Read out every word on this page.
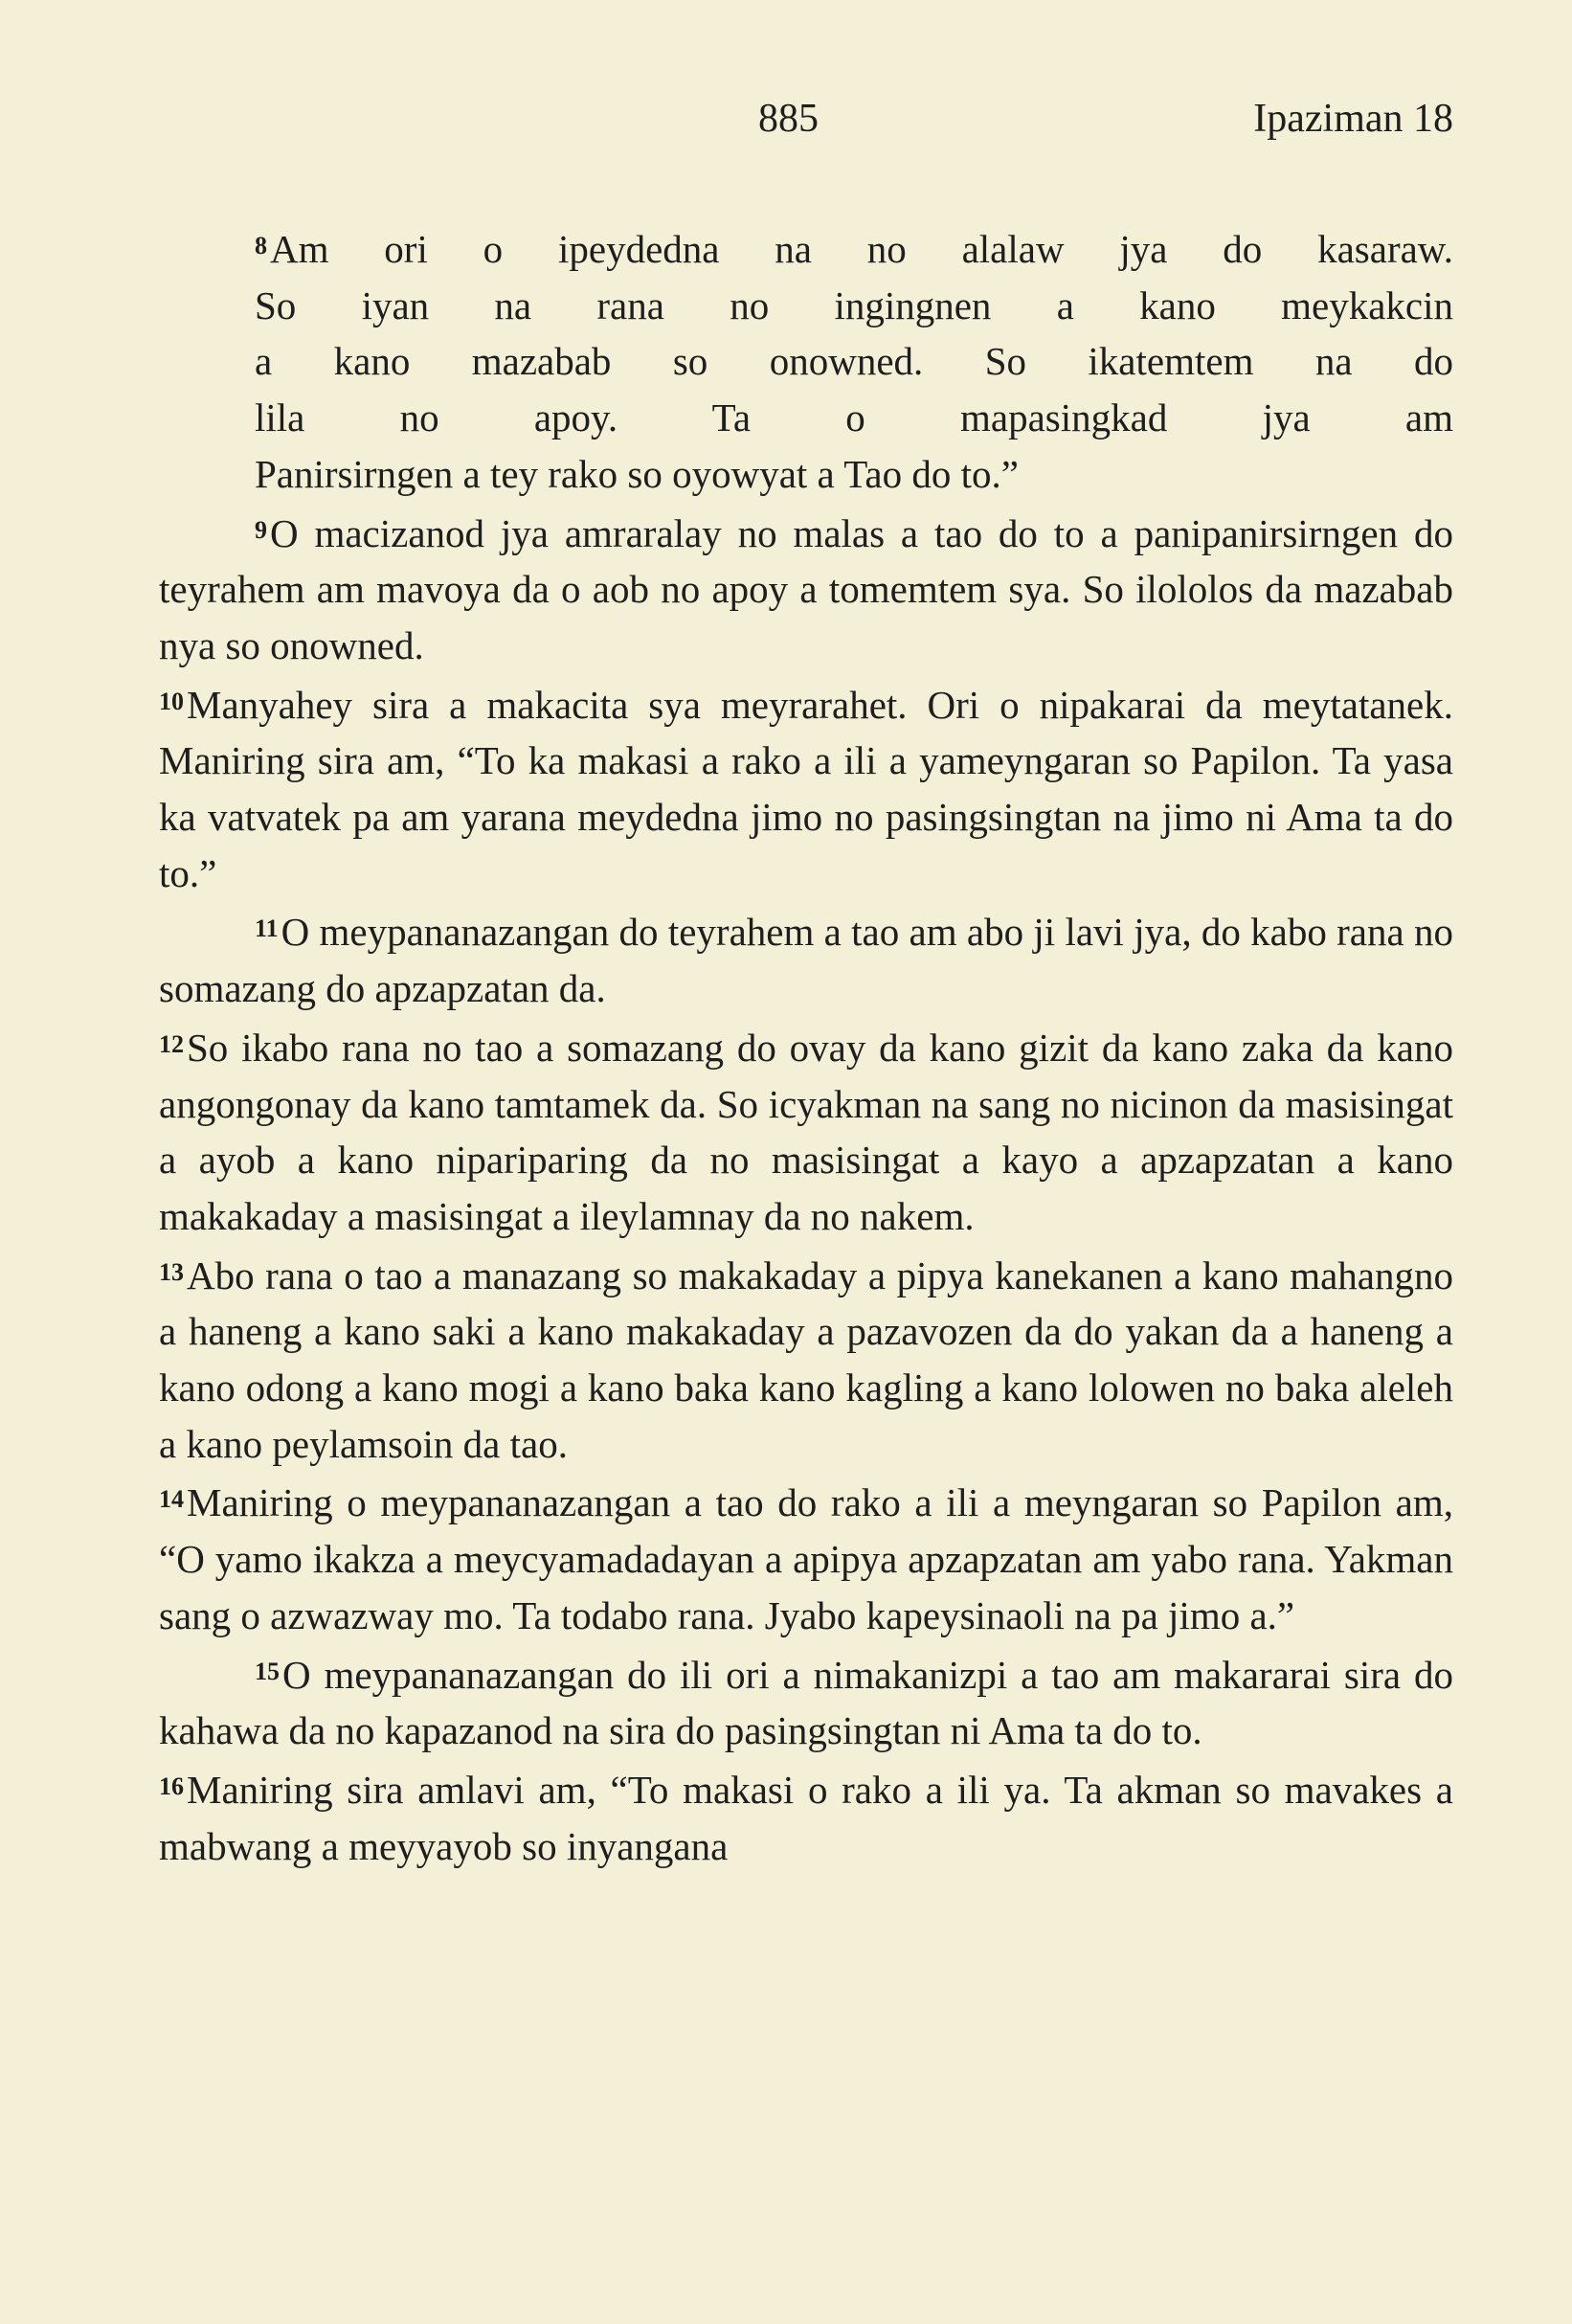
885	Ipaziman 18
$^8$Am ori o ipeydedna na no alalaw jya do kasaraw.
So iyan na rana no ingingnen a kano meykakcin
a kano mazabab so onowned. So ikatemtem na do
lila no apoy. Ta o mapasingkad jya am
Panirsirngen a tey rako so oyowyat a Tao do to.”

$^9$O macizanod jya amraralay no malas a tao do to a panipanirsirngen do teyrahem am mavoya da o aob no apoy a tomemtem sya. So ilololos da mazabab nya so onowned.

$^{10}$Manyahey sira a makacita sya meyrarahet. Ori o nipakarai da meytatanek. Maniring sira am, “To ka makasi a rako a ili a yameyngaran so Papilon. Ta yasa ka vatvatek pa am yarana meydedna jimo no pasingsingtan na jimo ni Ama ta do to.”

$^{11}$O meypananazangan do teyrahem a tao am abo ji lavi jya, do kabo rana no somazang do apzapzatan da.

$^{12}$So ikabo rana no tao a somazang do ovay da kano gizit da kano zaka da kano angongonay da kano tamtamek da. So icyakman na sang no nicinon da masisingat a ayob a kano nipariparing da no masisingat a kayo a apzapzatan a kano makakaday a masisingat a ileylamnay da no nakem.

$^{13}$Abo rana o tao a manazang so makakaday a pipya kanekanen a kano mahangno a haneng a kano saki a kano makakaday a pazavozen da do yakan da a haneng a kano odong a kano mogi a kano baka kano kagling a kano lolowen no baka aleleh a kano peylamsoin da tao.

$^{14}$Maniring o meypananazangan a tao do rako a ili a meyngaran so Papilon am, “O yamo ikakza a meycyamadadayan a apipya apzapzatan am yabo rana. Yakman sang o azwazway mo. Ta todabo rana. Jyabo kapeysinaoli na pa jimo a.”

$^{15}$O meypananazangan do ili ori a nimakanizpi a tao am makararai sira do kahawa da no kapazanod na sira do pasingsingtan ni Ama ta do to.

$^{16}$Maniring sira amlavi am, “To makasi o rako a ili ya. Ta akman so mavakes a mabwang a meyyayob so inyangana
